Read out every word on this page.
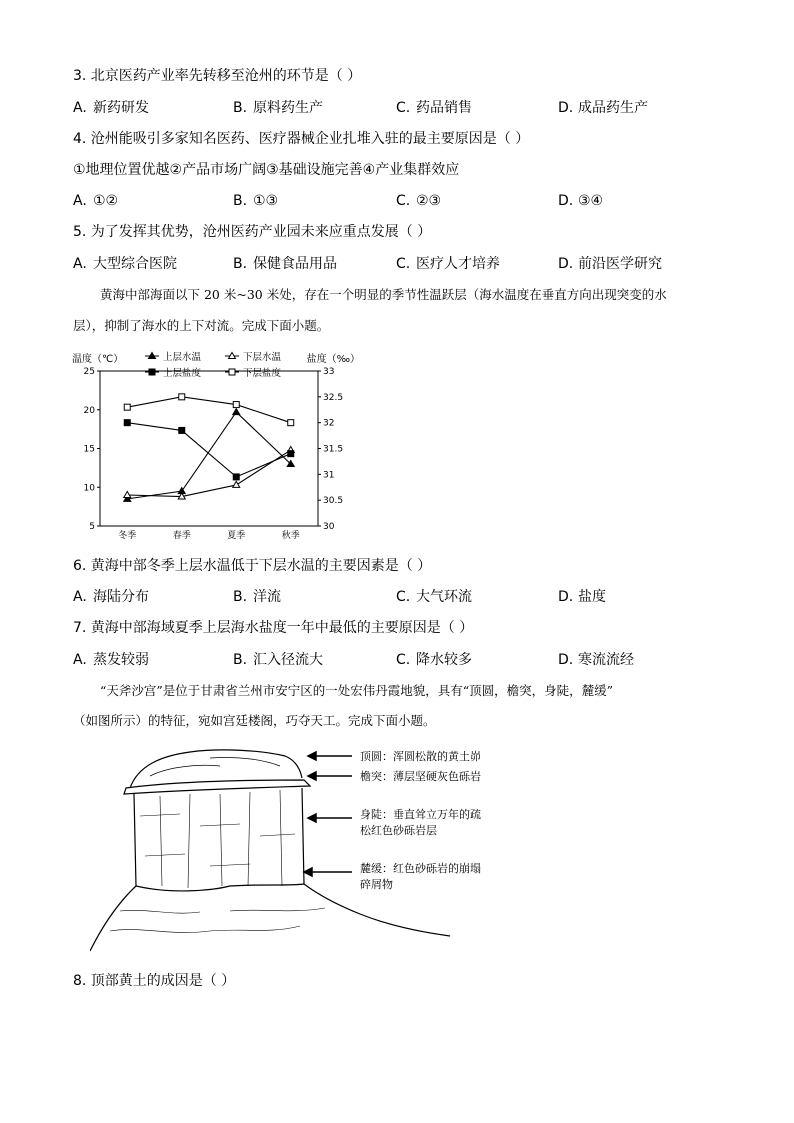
3. 北京医药产业率先转移至沧州的环节是（ ）
A. 新药研发	B. 原料药生产	C. 药品销售	D. 成品药生产
4. 沧州能吸引多家知名医药、医疗器械企业扎堆入驻的最主要原因是（ ）
①地理位置优越②产品市场广阔③基础设施完善④产业集群效应
A. ①②	B. ①③	C. ②③	D. ③④
5. 为了发挥其优势，沧州医药产业园未来应重点发展（ ）
A. 大型综合医院	B. 保健食品用品	C. 医疗人才培养	D. 前沿医学研究
黄海中部海面以下 20 米~30 米处，存在一个明显的季节性温跃层（海水温度在垂直方向出现突变的水
层），抑制了海水的上下对流。完成下面小题。
5
10
15
20
25
30
30.5
31
31.5
32
32.5
33
冬季	春季	夏季	秋季
温度（℃）	盐度（‰）
上层水温	下层水温
上层盐度	下层盐度
6. 黄海中部冬季上层水温低于下层水温的主要因素是（ ）
A. 海陆分布	B. 洋流	C. 大气环流	D. 盐度
7. 黄海中部海域夏季上层海水盐度一年中最低的主要原因是（ ）
A. 蒸发较弱	B. 汇入径流大	C. 降水较多	D. 寒流流经
“天斧沙宫”是位于甘肃省兰州市安宁区的一处宏伟丹霞地貌，具有“顶圆，檐突，身陡，麓缓”
（如图所示）的特征，宛如宫廷楼阁，巧夺天工。完成下面小题。
顶圆：浑圆松散的黄土峁
檐突：薄层坚硬灰色砾岩
身陡：垂直耸立万年的疏
松红色砂砾岩层
麓缓：红色砂砾岩的崩塌
碎屑物
8. 顶部黄土的成因是（ ）
